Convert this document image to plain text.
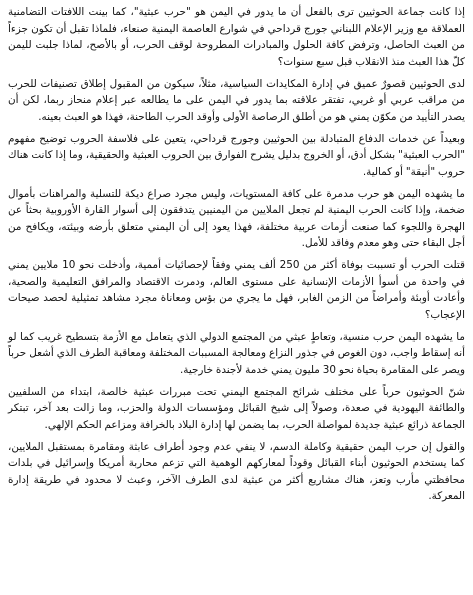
إذا كانت جماعة الحوثيين ترى بالفعل أن ما يدور في اليمن هو "حرب عبثية"، كما بينت اللافتات التضامنية العملاقة مع وزير الإعلام اللبناني جورج قرداحي في شوارع العاصمة اليمنية صنعاء، فلماذا تقبل أن تكون جزءاً من العبث الحاصل، وترفض كافة الحلول والمبادرات المطروحة لوقف الحرب، أو بالأصح، لماذا جلبت لليمن كلّ هذا العبث منذ الانقلاب قبل سبع سنوات؟

لدى الحوثيين قصورٌ عميق في إدارة المكايدات السياسية، مثلاً، سيكون من المقبول إطلاق تصنيفات للحرب من مراقب عربي أو غربي، تفتقر علاقته بما يدور في اليمن على ما يطالعه عبر إعلام منحاز ربما، لكن أن يصدر التأييد من مكوّن يمني هو من أطلق الرصاصة الأولى وأوقد الحرب الطاحنة، فهذا هو العبث بعينه.

وبعيداً عن خدمات الدفاع المتبادلة بين الحوثيين وجورج قرداحي، يتعين على فلاسفة الحروب توضيح مفهوم "الحرب العبثية" بشكل أدق، أو الخروج بدليل يشرح الفوارق بين الحروب العبثية والحقيقية، وما إذا كانت هناك حروب "أنيقة" أو كمالية.

ما يشهده اليمن هو حرب مدمرة على كافة المستويات، وليس مجرد صراع ديكة للتسلية والمراهنات بأموال ضخمة، وإذا كانت الحرب اليمنية لم تجعل الملايين من اليمنيين يتدفقون إلى أسوار القارة الأوروبية بحثاً عن الهجرة واللجوء كما صنعت أزمات عربية مختلفة، فهذا يعود إلى أن اليمني متعلق بأرضه وبيئته، ويكافح من أجل البقاء حتى وهو معدم وفاقد للأمل.

قتلت الحرب أو تسببت بوفاة أكثر من 250 ألف يمني وفقاً لإحصائيات أممية، وأدخلت نحو 10 ملايين يمني في واحدة من أسوأ الأزمات الإنسانية على مستوى العالم، ودمرت الاقتصاد والمرافق التعليمية والصحية، وأعادت أوبئة وأمراضاً من الزمن الغابر، فهل ما يجري من بؤس ومعاناة مجرد مشاهد تمثيلية لحصد صيحات الإعجاب؟

ما يشهده اليمن حرب منسية، وتعاطٍ عبثي من المجتمع الدولي الذي يتعامل مع الأزمة بتسطيح غريب كما لو أنه إسقاط واجب، دون الغوص في جذور النزاع ومعالجة المسببات المختلفة ومعاقبة الطرف الذي أشعل حرباً ويصر على المقامرة بحياة نحو 30 مليون يمني خدمة لأجندة خارجية.

شنّ الحوثيون حرباً على مختلف شرائح المجتمع اليمني تحت مبررات عبثية خالصة، ابتداء من السلفيين والطائفة اليهودية في صعدة، وصولاً إلى شيخ القبائل ومؤسسات الدولة والحزب، وما زالت بعد آخر، تبتكر الجماعة ذرائع عبثية جديدة لمواصلة الحرب، بما يضمن لها إدارة البلاد بالخرافة ومزاعم الحكم الإلهي.

والقول إن حرب اليمن حقيقية وكاملة الدسم، لا ينفي عدم وجود أطراف عابثة ومقامرة بمستقبل الملايين، كما يستخدم الحوثيون أبناء القبائل وقوداً لمعاركهم الوهمية التي تزعم محاربة أمريكا وإسرائيل في بلدات محافظتي مأرب وتعز، هناك مشاريع أكثر من عبثية لدى الطرف الآخر، وعبث لا محدود في طريقة إدارة المعركة.
